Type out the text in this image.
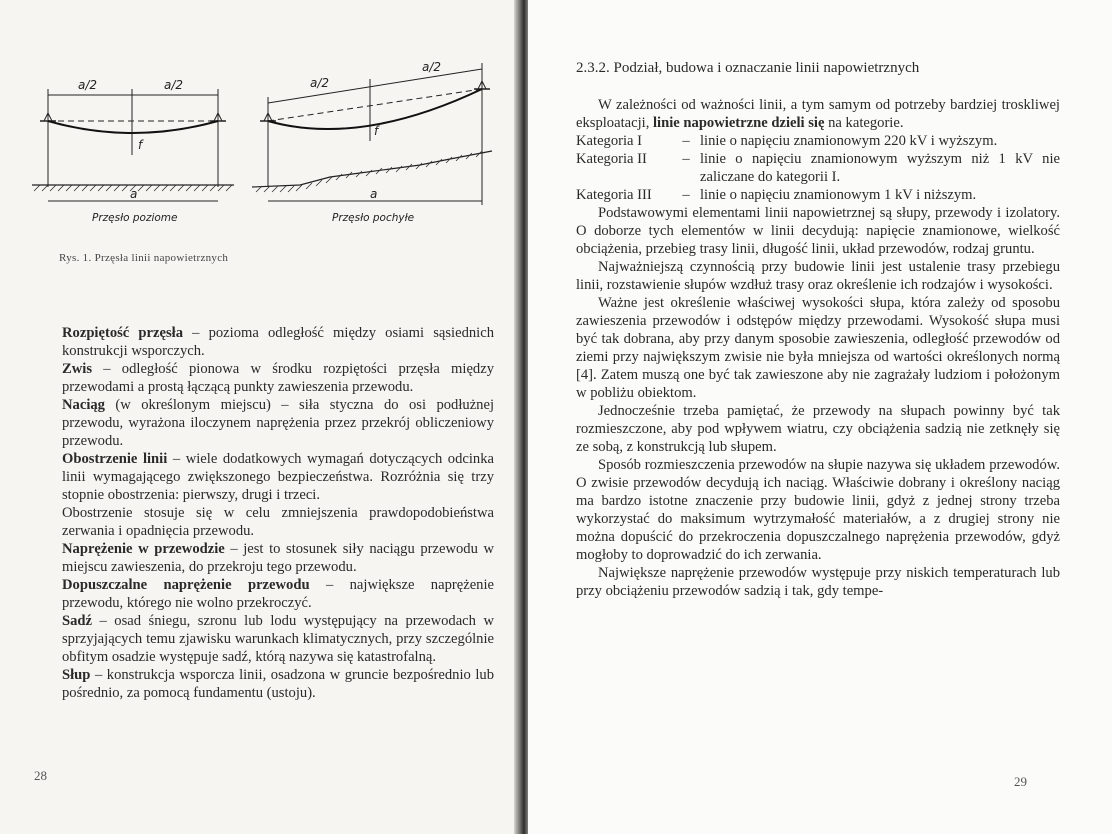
a/2	a/2
f
a
Przęsło poziome
a/2
a/2
f
a
Przęsło pochyłe
Rys. 1. Przęsła linii napowietrznych

Rozpiętość przęsła – pozioma odległość między osiami sąsiednich konstrukcji wsporczych.

Zwis – odległość pionowa w środku rozpiętości przęsła między przewodami a prostą łączącą punkty zawieszenia przewodu.

Naciąg (w określonym miejscu) – siła styczna do osi podłużnej przewodu, wyrażona iloczynem naprężenia przez przekrój obliczeniowy przewodu.

Obostrzenie linii – wiele dodatkowych wymagań dotyczących odcinka linii wymagającego zwiększonego bezpieczeństwa. Rozróżnia się trzy stopnie obostrzenia: pierwszy, drugi i trzeci.

Obostrzenie stosuje się w celu zmniejszenia prawdopodobieństwa zerwania i opadnięcia przewodu.

Naprężenie w przewodzie – jest to stosunek siły naciągu przewodu w miejscu zawieszenia, do przekroju tego przewodu.

Dopuszczalne naprężenie przewodu – największe naprężenie przewodu, którego nie wolno przekroczyć.

Sadź – osad śniegu, szronu lub lodu występujący na przewodach w sprzyjających temu zjawisku warunkach klimatycznych, przy szczególnie obfitym osadzie występuje sadź, którą nazywa się katastrofalną.

Słup – konstrukcja wsporcza linii, osadzona w gruncie bezpośrednio lub pośrednio, za pomocą fundamentu (ustoju).

28
2.3.2. Podział, budowa i oznaczanie linii napowietrznych

W zależności od ważności linii, a tym samym od potrzeby bardziej troskliwej eksploatacji, linie napowietrzne dzieli się na kategorie.

Kategoria I	– linie o napięciu znamionowym 220 kV i wyższym.
Kategoria II	– linie o napięciu znamionowym wyższym niż 1 kV nie zaliczane do kategorii I.
Kategoria III	– linie o napięciu znamionowym 1 kV i niższym.

Podstawowymi elementami linii napowietrznej są słupy, przewody i izolatory. O doborze tych elementów w linii decydują: napięcie znamionowe, wielkość obciążenia, przebieg trasy linii, długość linii, układ przewodów, rodzaj gruntu.

Najważniejszą czynnością przy budowie linii jest ustalenie trasy przebiegu linii, rozstawienie słupów wzdłuż trasy oraz określenie ich rodzajów i wysokości.

Ważne jest określenie właściwej wysokości słupa, która zależy od sposobu zawieszenia przewodów i odstępów między przewodami. Wysokość słupa musi być tak dobrana, aby przy danym sposobie zawieszenia, odległość przewodów od ziemi przy największym zwisie nie była mniejsza od wartości określonych normą [4]. Zatem muszą one być tak zawieszone aby nie zagrażały ludziom i położonym w pobliżu obiektom.

Jednocześnie trzeba pamiętać, że przewody na słupach powinny być tak rozmieszczone, aby pod wpływem wiatru, czy obciążenia sadzią nie zetknęły się ze sobą, z konstrukcją lub słupem.

Sposób rozmieszczenia przewodów na słupie nazywa się układem przewodów. O zwisie przewodów decydują ich naciąg. Właściwie dobrany i określony naciąg ma bardzo istotne znaczenie przy budowie linii, gdyż z jednej strony trzeba wykorzystać do maksimum wytrzymałość materiałów, a z drugiej strony nie można dopuścić do przekroczenia dopuszczalnego naprężenia przewodów, gdyż mogłoby to doprowadzić do ich zerwania.

Największe naprężenie przewodów występuje przy niskich temperaturach lub przy obciążeniu przewodów sadzią i tak, gdy tempe-

29
